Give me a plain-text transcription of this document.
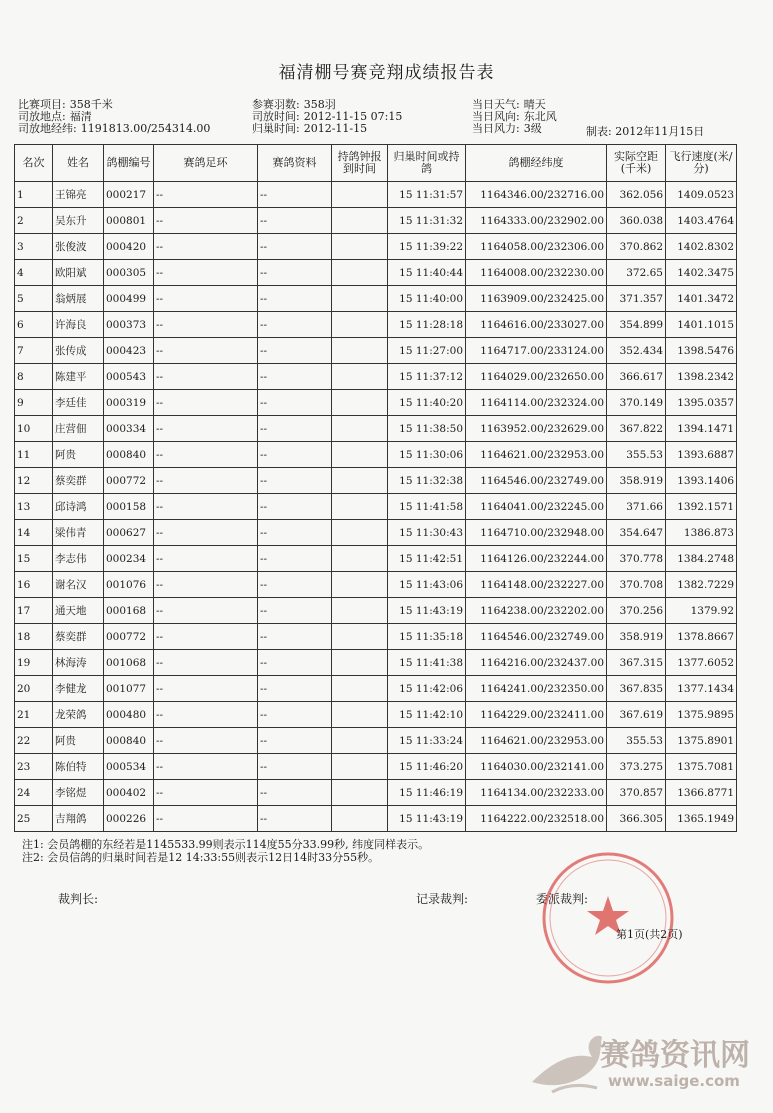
福清棚号赛竞翔成绩报告表
比赛项目: 358千米
司放地点: 福清
司放地经纬: 1191813.00/254314.00
参赛羽数: 358羽
司放时间: 2012-11-15 07:15
归巢时间: 2012-11-15
当日天气: 晴天
当日风向: 东北风
当日风力: 3级	制表: 2012年11月15日
名次	姓名	鸽棚编号	赛鸽足环	赛鸽资料	持鸽钟报到时间	归巢时间或持鸽	鸽棚经纬度	实际空距(千米)	飞行速度(米/分)
1	王锦亮	000217	--	--		15 11:31:57	1164346.00/232716.00	362.056	1409.0523
2	吴东升	000801	--	--		15 11:31:32	1164333.00/232902.00	360.038	1403.4764
3	张俊波	000420	--	--		15 11:39:22	1164058.00/232306.00	370.862	1402.8302
4	欧阳斌	000305	--	--		15 11:40:44	1164008.00/232230.00	372.65	1402.3475
5	翁炳展	000499	--	--		15 11:40:00	1163909.00/232425.00	371.357	1401.3472
6	许海良	000373	--	--		15 11:28:18	1164616.00/233027.00	354.899	1401.1015
7	张传成	000423	--	--		15 11:27:00	1164717.00/233124.00	352.434	1398.5476
8	陈建平	000543	--	--		15 11:37:12	1164029.00/232650.00	366.617	1398.2342
9	李廷佳	000319	--	--		15 11:40:20	1164114.00/232324.00	370.149	1395.0357
10	庄营佃	000334	--	--		15 11:38:50	1163952.00/232629.00	367.822	1394.1471
11	阿贵	000840	--	--		15 11:30:06	1164621.00/232953.00	355.53	1393.6887
12	蔡奕群	000772	--	--		15 11:32:38	1164546.00/232749.00	358.919	1393.1406
13	邱诗鸿	000158	--	--		15 11:41:58	1164041.00/232245.00	371.66	1392.1571
14	梁伟青	000627	--	--		15 11:30:43	1164710.00/232948.00	354.647	1386.873
15	李志伟	000234	--	--		15 11:42:51	1164126.00/232244.00	370.778	1384.2748
16	谢名汉	001076	--	--		15 11:43:06	1164148.00/232227.00	370.708	1382.7229
17	通天地	000168	--	--		15 11:43:19	1164238.00/232202.00	370.256	1379.92
18	蔡奕群	000772	--	--		15 11:35:18	1164546.00/232749.00	358.919	1378.8667
19	林海涛	001068	--	--		15 11:41:38	1164216.00/232437.00	367.315	1377.6052
20	李健龙	001077	--	--		15 11:42:06	1164241.00/232350.00	367.835	1377.1434
21	龙荣鸽	000480	--	--		15 11:42:10	1164229.00/232411.00	367.619	1375.9895
22	阿贵	000840	--	--		15 11:33:24	1164621.00/232953.00	355.53	1375.8901
23	陈伯特	000534	--	--		15 11:46:20	1164030.00/232141.00	373.275	1375.7081
24	李铭煜	000402	--	--		15 11:46:19	1164134.00/232233.00	370.857	1366.8771
25	吉翔鸽	000226	--	--		15 11:43:19	1164222.00/232518.00	366.305	1365.1949
注1: 会员鸽棚的东经若是1145533.99则表示114度55分33.99秒, 纬度同样表示。
注2: 会员信鸽的归巢时间若是12 14:33:55则表示12日14时33分55秒。
裁判长:	记录裁判:	委派裁判:
第1页(共2页)
赛鸽资讯网
www.saige.com
